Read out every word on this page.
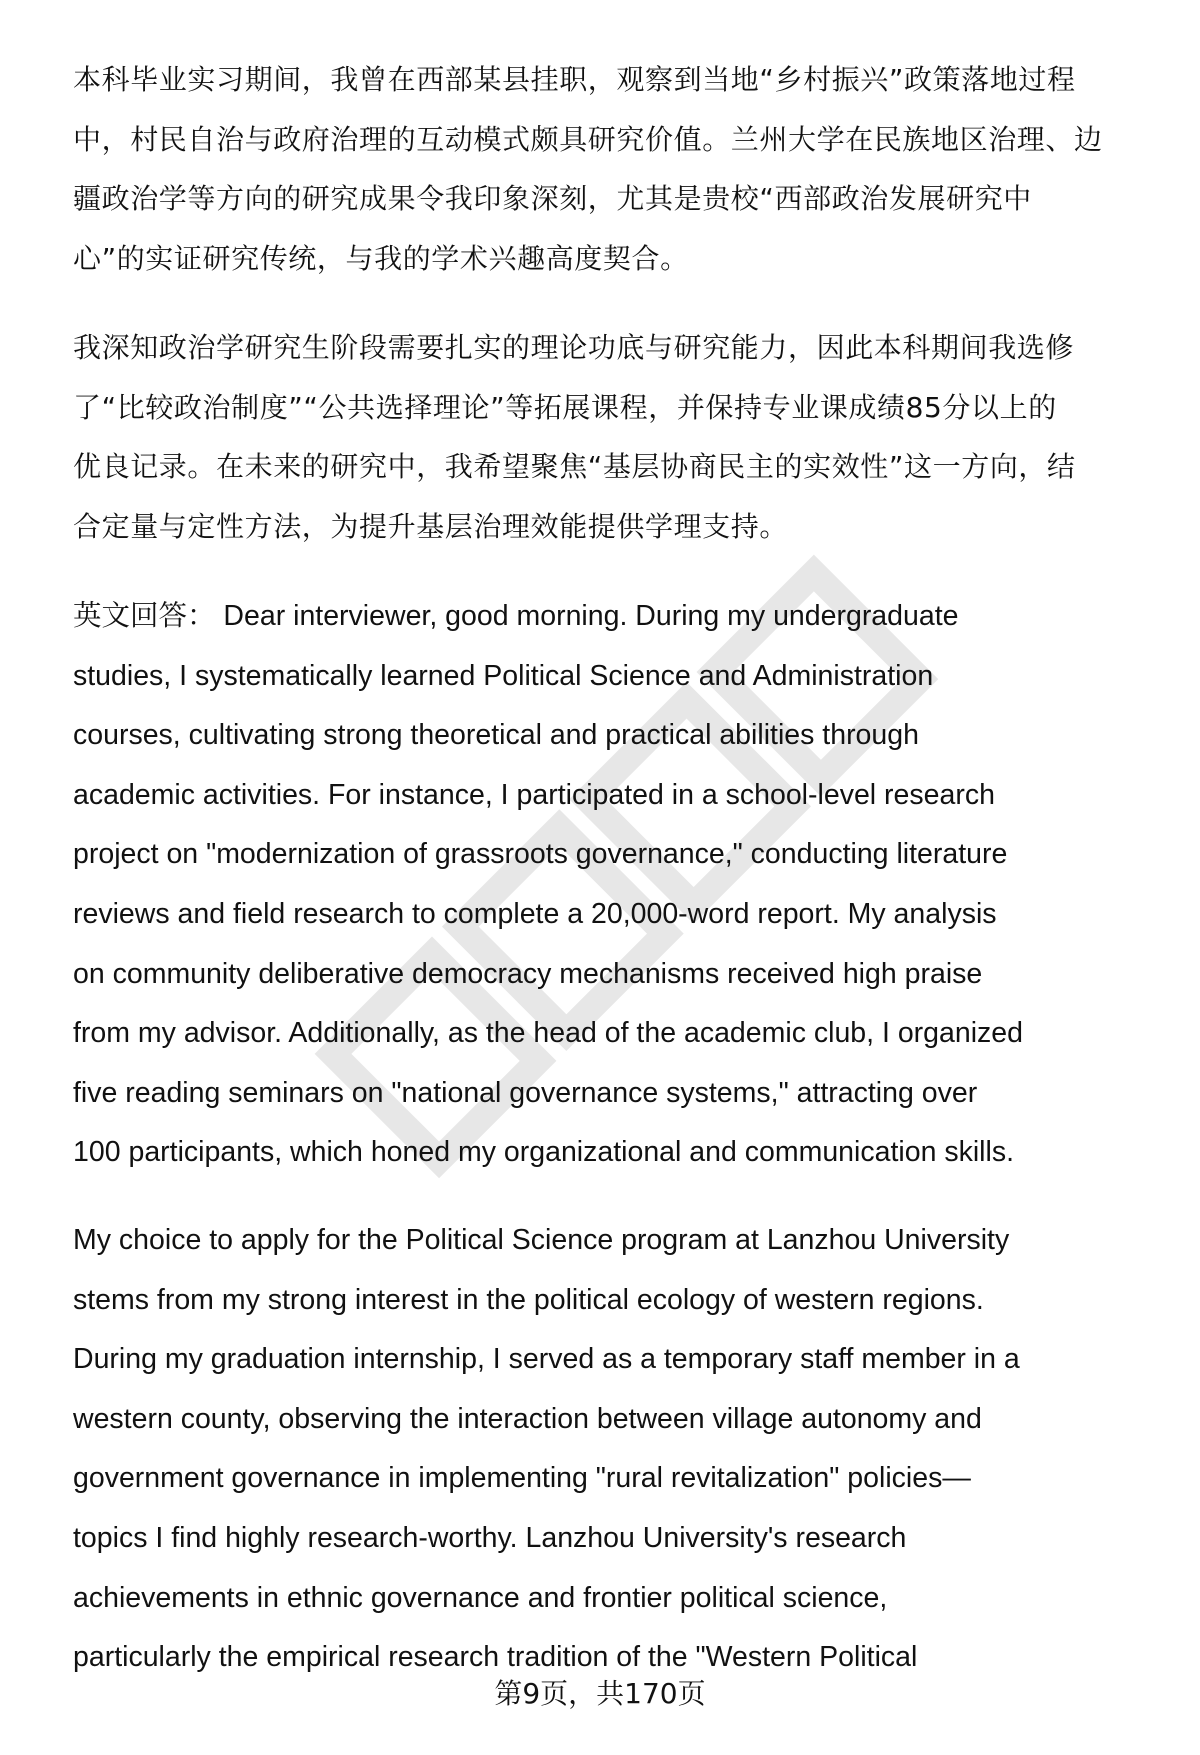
本科毕业实习期间，我曾在西部某县挂职，观察到当地“乡村振兴”政策落地过程
中，村民自治与政府治理的互动模式颇具研究价值。兰州大学在民族地区治理、边
疆政治学等方向的研究成果令我印象深刻，尤其是贵校“西部政治发展研究中
心”的实证研究传统，与我的学术兴趣高度契合。
我深知政治学研究生阶段需要扎实的理论功底与研究能力，因此本科期间我选修
了“比较政治制度”“公共选择理论”等拓展课程，并保持专业课成绩85分以上的
优良记录。在未来的研究中，我希望聚焦“基层协商民主的实效性”这一方向，结
合定量与定性方法，为提升基层治理效能提供学理支持。
英文回答： Dear interviewer, good morning. During my undergraduate
studies, I systematically learned Political Science and Administration
courses, cultivating strong theoretical and practical abilities through
academic activities. For instance, I participated in a school-level research
project on "modernization of grassroots governance," conducting literature
reviews and field research to complete a 20,000-word report. My analysis
on community deliberative democracy mechanisms received high praise
from my advisor. Additionally, as the head of the academic club, I organized
five reading seminars on "national governance systems," attracting over
100 participants, which honed my organizational and communication skills.
My choice to apply for the Political Science program at Lanzhou University
stems from my strong interest in the political ecology of western regions.
During my graduation internship, I served as a temporary staff member in a
western county, observing the interaction between village autonomy and
government governance in implementing "rural revitalization" policies—
topics I find highly research-worthy. Lanzhou University's research
achievements in ethnic governance and frontier political science,
particularly the empirical research tradition of the "Western Political
第9页，共170页
